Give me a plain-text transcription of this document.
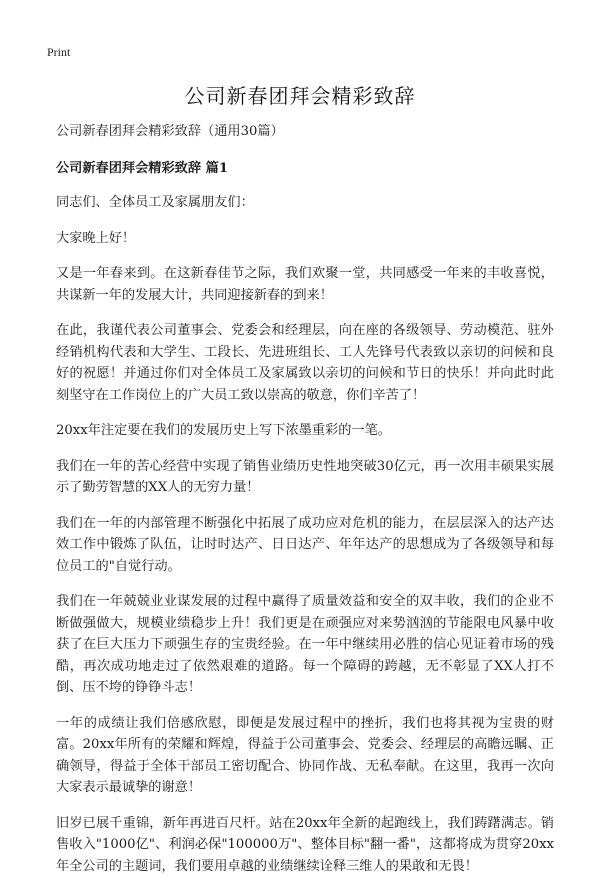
Print
公司新春团拜会精彩致辞

公司新春团拜会精彩致辞（通用30篇）

公司新春团拜会精彩致辞 篇1

同志们、全体员工及家属朋友们：

大家晚上好！

又是一年春来到。在这新春佳节之际，我们欢聚一堂，共同感受一年来的丰收喜悦，共谋新一年的发展大计，共同迎接新春的到来！

在此，我谨代表公司董事会、党委会和经理层，向在座的各级领导、劳动模范、驻外经销机构代表和大学生、工段长、先进班组长、工人先锋号代表致以亲切的问候和良好的祝愿！并通过你们对全体员工及家属致以亲切的问候和节日的快乐！并向此时此刻坚守在工作岗位上的广大员工致以崇高的敬意，你们辛苦了！

20xx年注定要在我们的发展历史上写下浓墨重彩的一笔。

我们在一年的苦心经营中实现了销售业绩历史性地突破30亿元，再一次用丰硕果实展示了勤劳智慧的XX人的无穷力量！

我们在一年的内部管理不断强化中拓展了成功应对危机的能力，在层层深入的达产达效工作中锻炼了队伍，让时时达产、日日达产、年年达产的思想成为了各级领导和每位员工的"自觉行动。

我们在一年兢兢业业谋发展的过程中赢得了质量效益和安全的双丰收，我们的企业不断做强做大，规模业绩稳步上升！我们更是在顽强应对来势汹汹的节能限电风暴中收获了在巨大压力下顽强生存的宝贵经验。在一年中继续用必胜的信心见证着市场的残酷，再次成功地走过了依然艰难的道路。每一个障碍的跨越，无不彰显了XX人打不倒、压不垮的铮铮斗志！

一年的成绩让我们倍感欣慰，即便是发展过程中的挫折，我们也将其视为宝贵的财富。20xx年所有的荣耀和辉煌，得益于公司董事会、党委会、经理层的高瞻远瞩、正确领导，得益于全体干部员工密切配合、协同作战、无私奉献。在这里，我再一次向大家表示最诚挚的谢意！

旧岁已展千重锦，新年再进百尺杆。站在20xx年全新的起跑线上，我们踌躇满志。销售收入"1000亿"、利润必保"100000万"、整体目标"翻一番"，这都将成为贯穿20xx年全公司的主题词，我们要用卓越的业绩继续诠释三维人的果敢和无畏！
